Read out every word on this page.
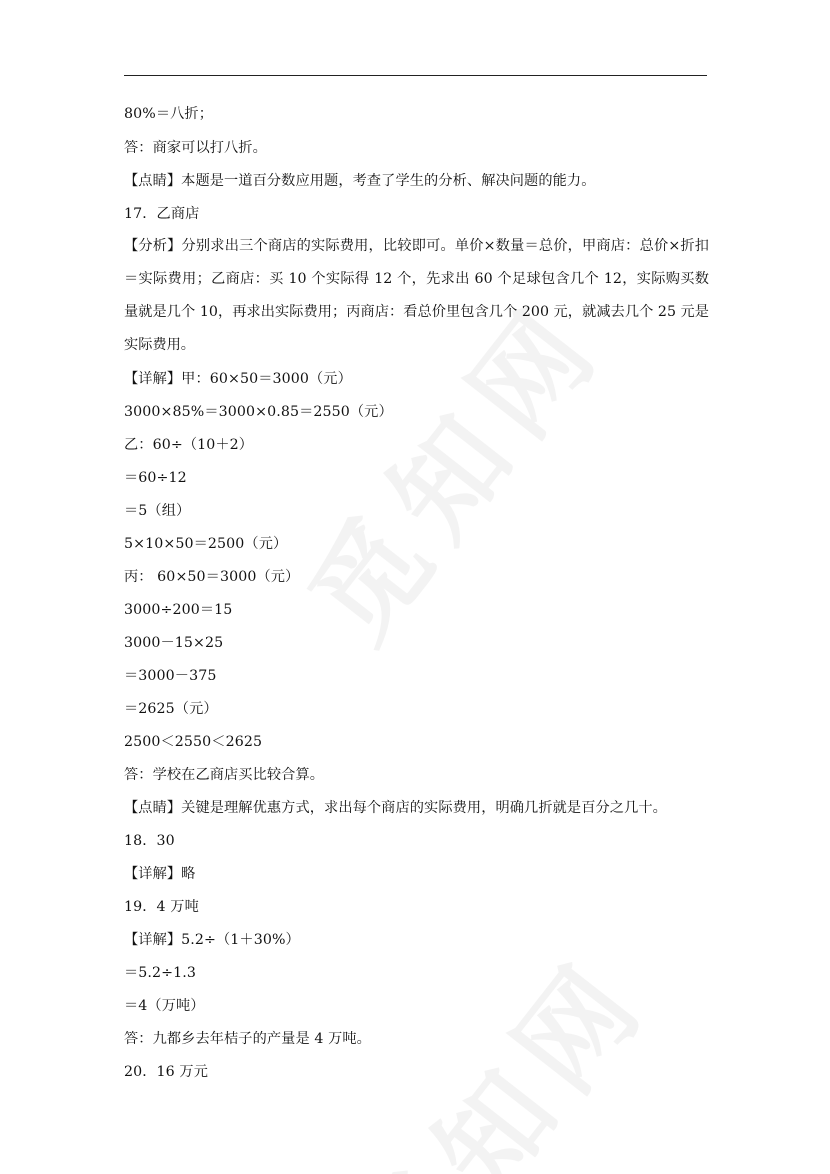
80%＝八折；
答：商家可以打八折。
【点睛】本题是一道百分数应用题，考查了学生的分析、解决问题的能力。
17．乙商店
【分析】分别求出三个商店的实际费用，比较即可。单价×数量＝总价，甲商店：总价×折扣＝实际费用；乙商店：买 10 个实际得 12 个，先求出 60 个足球包含几个 12，实际购买数量就是几个 10，再求出实际费用；丙商店：看总价里包含几个 200 元，就减去几个 25 元是实际费用。
【详解】甲：60×50＝3000（元）
3000×85%＝3000×0.85＝2550（元）
乙：60÷（10＋2）
＝60÷12
＝5（组）
5×10×50＝2500（元）
丙： 60×50＝3000（元）
3000÷200＝15
3000－15×25
＝3000－375
＝2625（元）
2500＜2550＜2625
答：学校在乙商店买比较合算。
【点睛】关键是理解优惠方式，求出每个商店的实际费用，明确几折就是百分之几十。
18．30
【详解】略
19．4 万吨
【详解】5.2÷（1＋30%）
＝5.2÷1.3
＝4（万吨）
答：九都乡去年桔子的产量是 4 万吨。
20．16 万元
